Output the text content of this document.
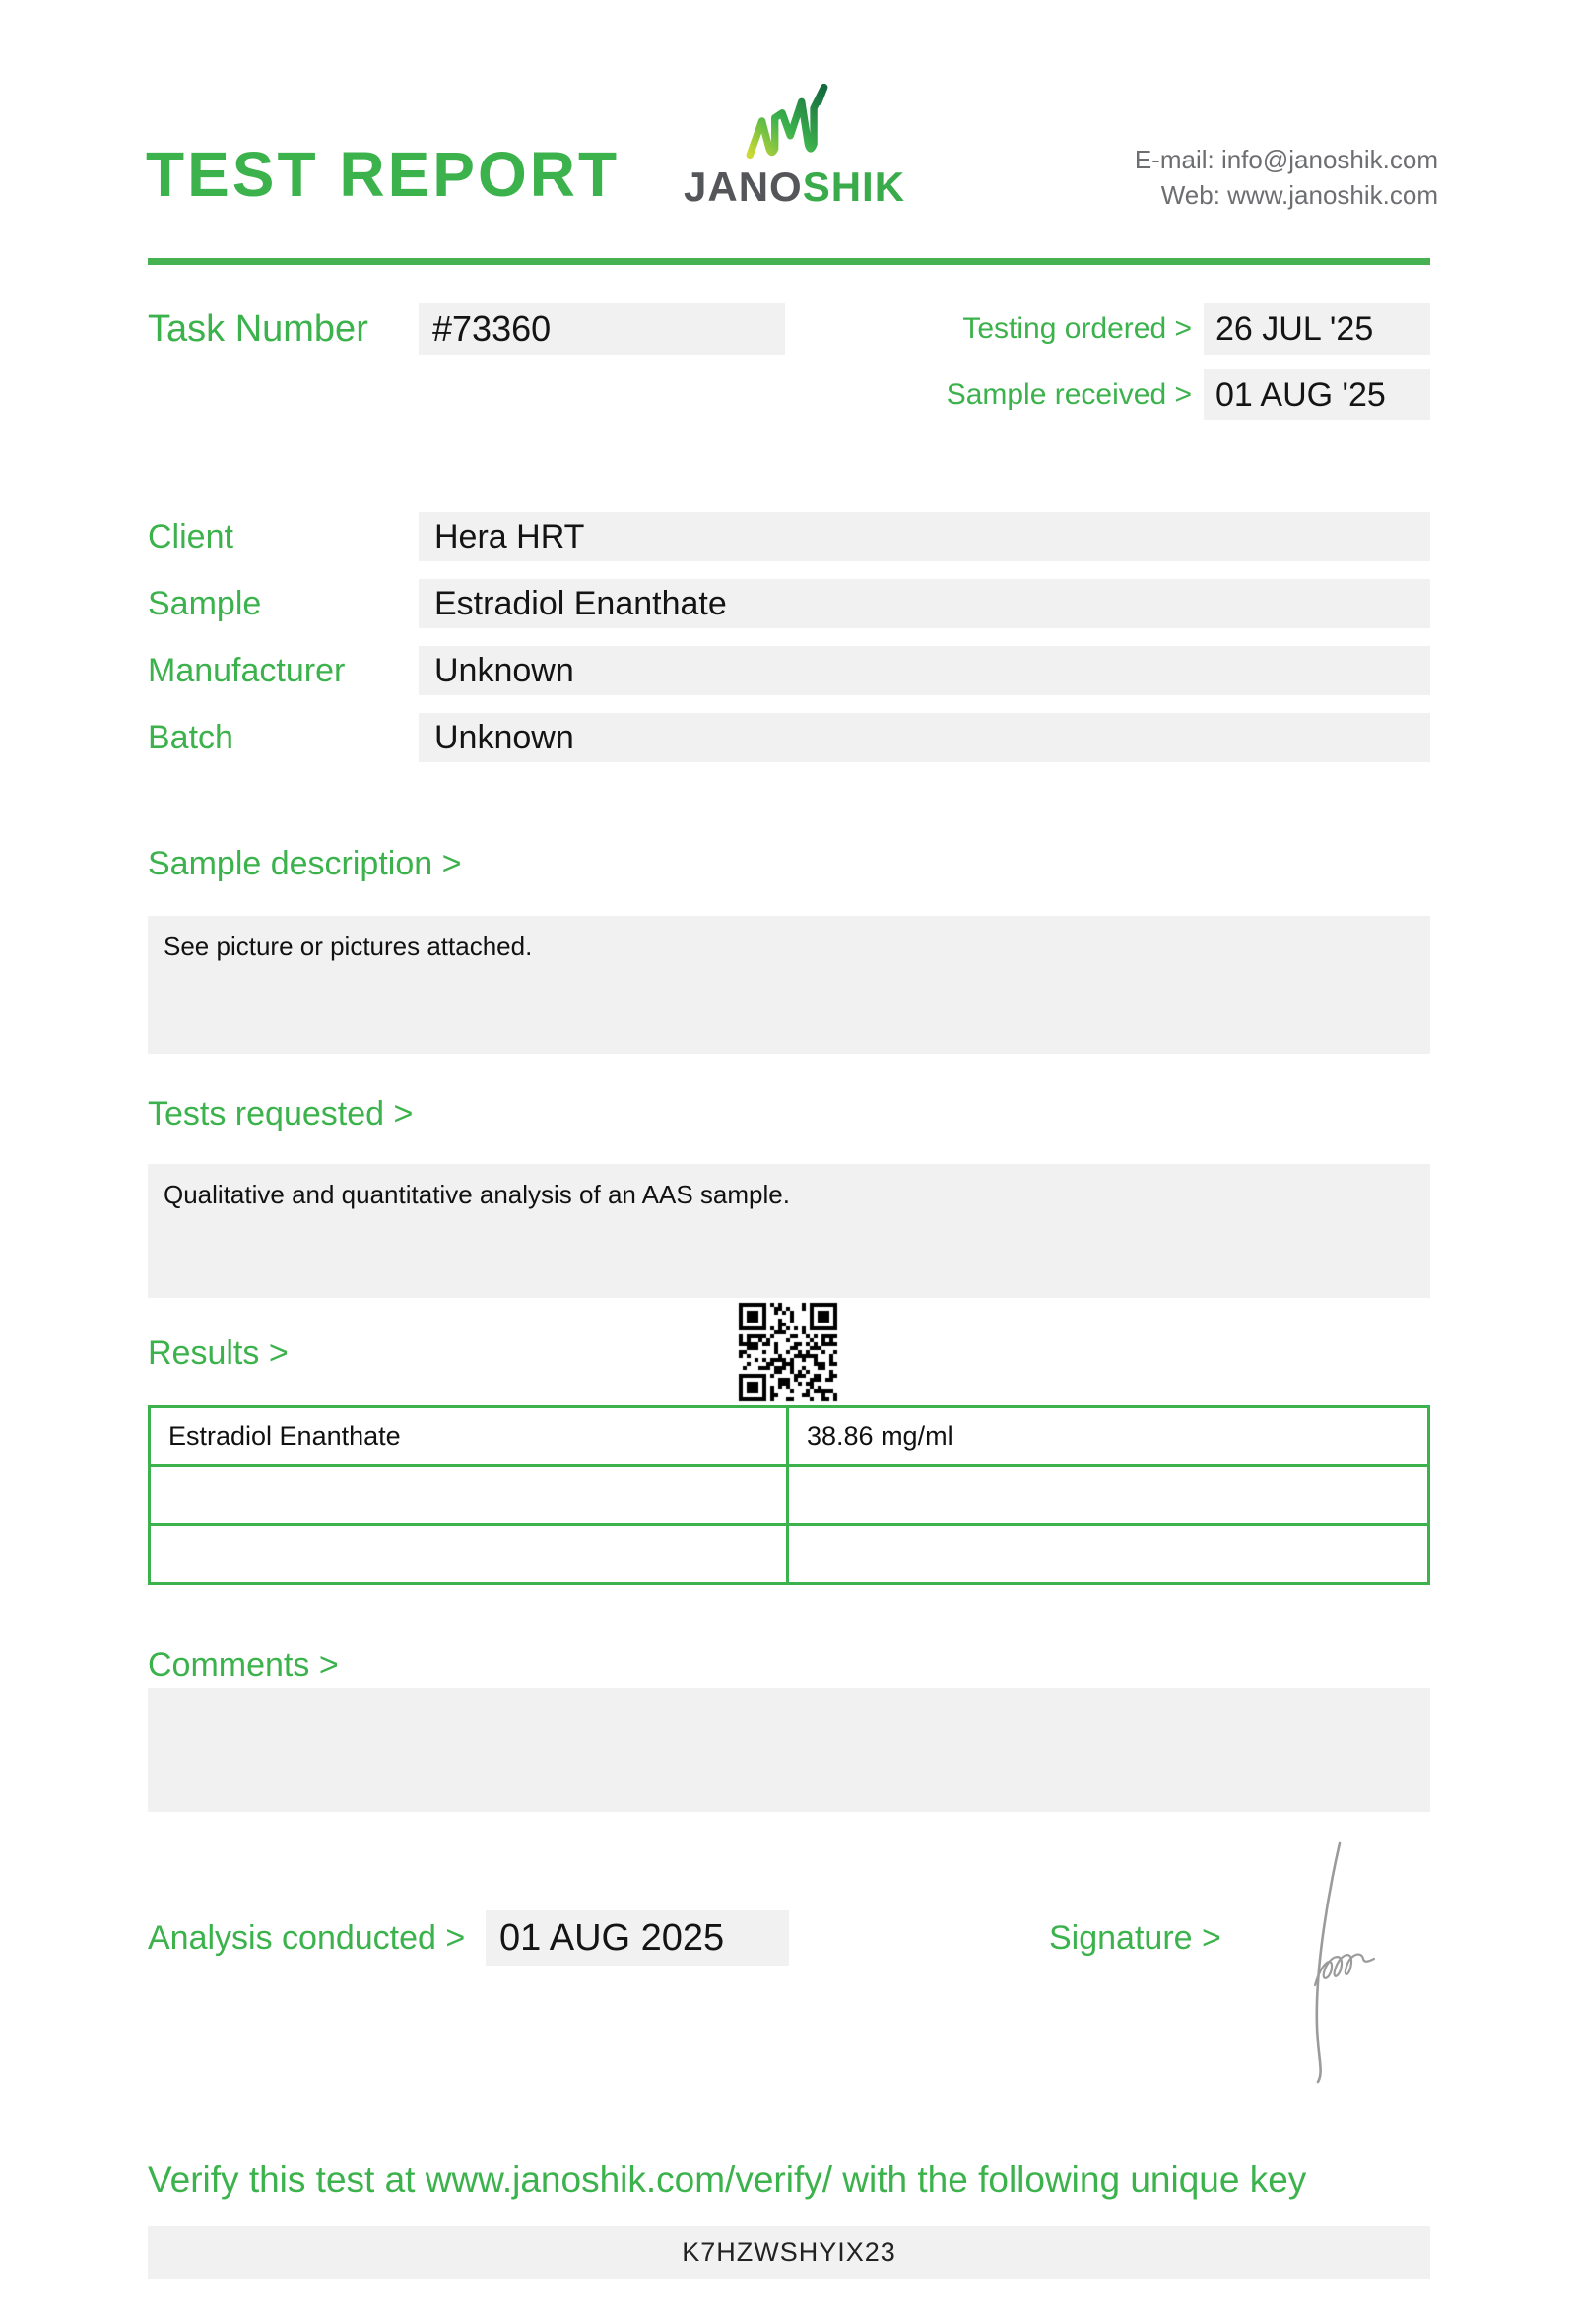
TEST REPORT JANOSHIK
E-mail: info@janoshik.com
Web: www.janoshik.com
Task Number	#73360	Testing ordered > 26 JUL '25
Sample received > 01 AUG '25
Client	Hera HRT
Sample	Estradiol Enanthate
Manufacturer	Unknown
Batch	Unknown
Sample description >
See picture or pictures attached.
Tests requested >
Qualitative and quantitative analysis of an AAS sample.
Results >
Estradiol Enanthate	38.86 mg/ml

Comments >
Analysis conducted > 01 AUG 2025	Signature >
Verify this test at www.janoshik.com/verify/ with the following unique key
K7HZWSHYIX23
